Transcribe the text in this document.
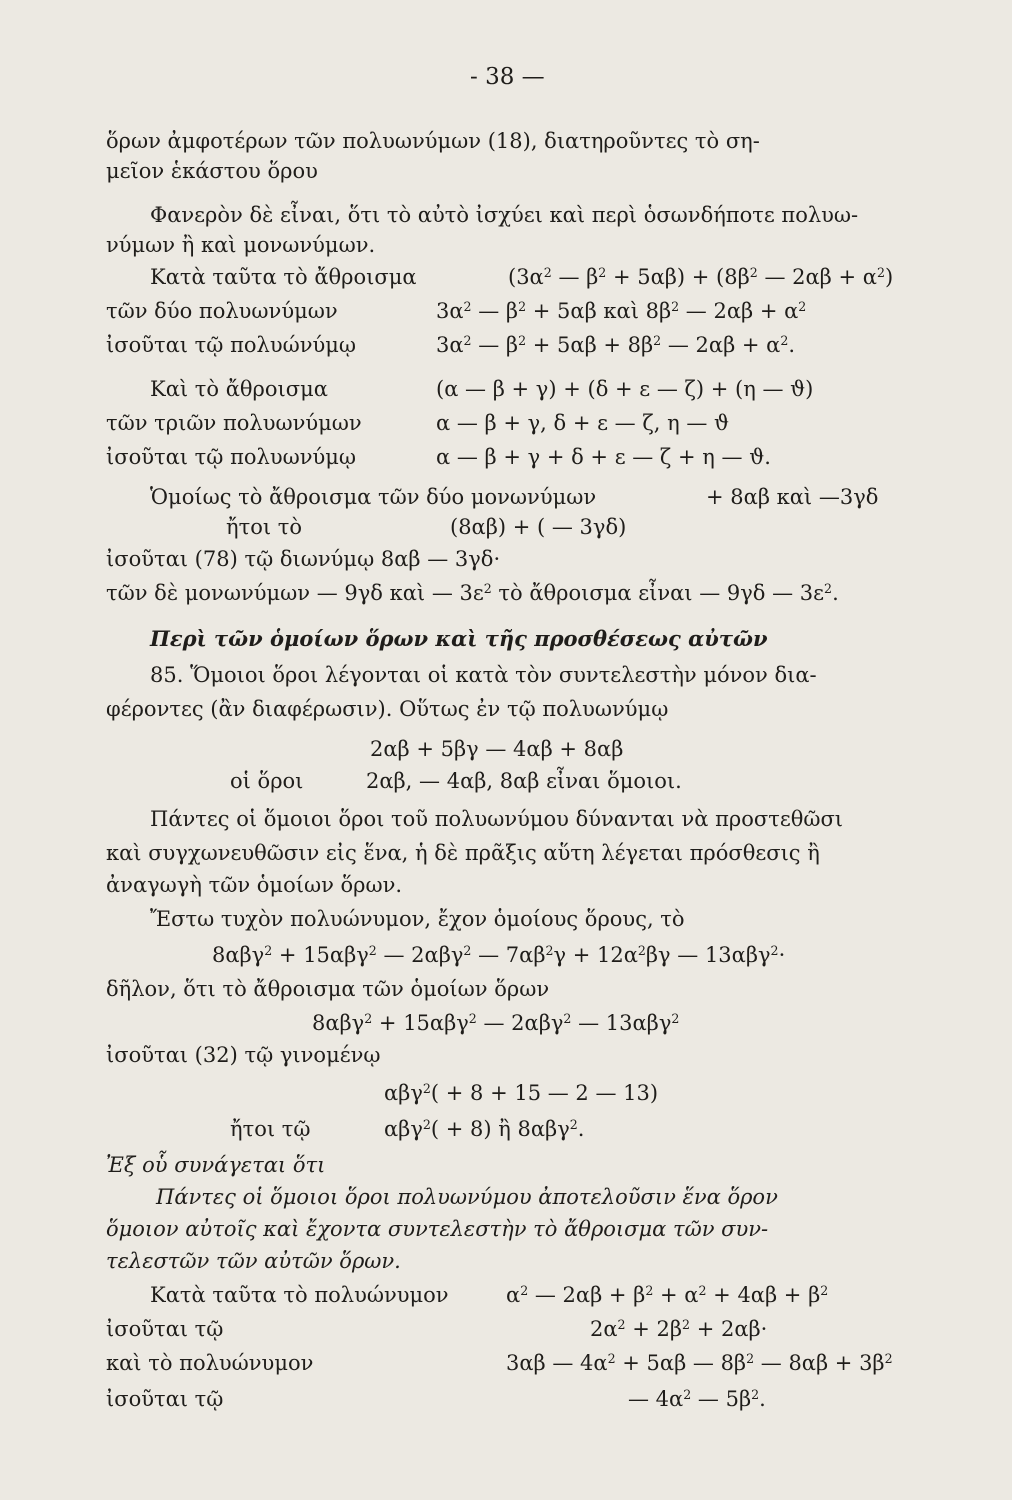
- 38 —
ὅρων ἀμφοτέρων τῶν πολυωνύμων (18), διατηροῦντες τὸ ση-
μεῖον ἑκάστου ὅρου
Φανερὸν δὲ εἶναι, ὅτι τὸ αὐτὸ ἰσχύει καὶ περὶ ὁσωνδήποτε πολυω-
νύμων ἢ καὶ μονωνύμων.
Κατὰ ταῦτα τὸ ἄθροισμα	($3\alpha^2$ — $\beta^2 + 5\alpha\beta) + (8\beta^2$ — $2\alpha\beta + \alpha^2$)
τῶν δύο πολυωνύμων	$3\alpha^2$ — $\beta^2 + 5\alpha\beta$ καὶ $8\beta^2$ — $2\alpha\beta + \alpha^2$
ἰσοῦται τῷ πολυώνύμῳ	$3\alpha^2$ — $\beta^2 + 5\alpha\beta + 8\beta^2$ — $2\alpha\beta + \alpha^2$.
Καὶ τὸ ἄθροισμα	(α — β + γ) + (δ + ε — ζ) + (η — ϑ)
τῶν τριῶν πολυωνύμων	α — β + γ, δ + ε — ζ, η — ϑ
ἰσοῦται τῷ πολυωνύμῳ	α — β + γ + δ + ε — ζ + η — ϑ.
Ὁμοίως τὸ ἄθροισμα τῶν δύο μονωνύμων	+ 8αβ καὶ —3γδ
ἤτοι τὸ	(8αβ) + ( — 3γδ)
ἰσοῦται (78) τῷ διωνύμῳ 8αβ — 3γδ·
τῶν δὲ μονωνύμων — 9γδ καὶ — $3\varepsilon^2$ τὸ ἄθροισμα εἶναι — 9γδ — $3\varepsilon^2$.
Περὶ τῶν ὁμοίων ὅρων καὶ τῆς προσθέσεως αὐτῶν
85. Ὅμοιοι ὅροι λέγονται οἱ κατὰ τὸν συντελεστὴν μόνον δια-
φέροντες (ἂν διαφέρωσιν). Οὕτως ἐν τῷ πολυωνύμῳ
2αβ + 5βγ — 4αβ + 8αβ
οἱ ὅροι	2αβ, — 4αβ, 8αβ εἶναι ὅμοιοι.
Πάντες οἱ ὅμοιοι ὅροι τοῦ πολυωνύμου δύνανται νὰ προστεθῶσι
καὶ συγχωνευθῶσιν εἰς ἕνα, ἡ δὲ πρᾶξις αὕτη λέγεται πρόσθεσις ἢ
ἀναγωγὴ τῶν ὁμοίων ὅρων.
Ἔστω τυχὸν πολυώνυμον, ἔχον ὁμοίους ὅρους, τὸ
8αβγ$^2$ + 15αβγ$^2$ — 2αβγ$^2$ — $7\alpha\beta^2\gamma + 12\alpha^2\beta\gamma$ — 13αβγ$^2$·
δῆλον, ὅτι τὸ ἄθροισμα τῶν ὁμοίων ὅρων
8αβγ$^2$ + 15αβγ$^2$ — 2αβγ$^2$ — 13αβγ$^2$
ἰσοῦται (32) τῷ γινομένῳ
αβγ$^2$( + 8 + 15 — 2 — 13)
ἤτοι τῷ	αβγ$^2$( + 8) ἢ 8αβγ$^2$.
Ἐξ οὗ συνάγεται ὅτι
Πάντες οἱ ὅμοιοι ὅροι πολυωνύμου ἀποτελοῦσιν ἕνα ὅρον
ὅμοιον αὐτοῖς καὶ ἔχοντα συντελεστὴν τὸ ἄθροισμα τῶν συν-
τελεστῶν τῶν αὐτῶν ὅρων.
Κατὰ ταῦτα τὸ πολυώνυμον	$\alpha^2$ — $2\alpha\beta + \beta^2 + \alpha^2 + 4\alpha\beta + \beta^2$
ἰσοῦται τῷ	$2\alpha^2 + 2\beta^2 + 2\alpha\beta\cdot$
καὶ τὸ πολυώνυμον	3αβ — $4\alpha^2 + 5\alpha\beta$ — $8\beta^2$ — $8\alpha\beta + 3\beta^2$
ἰσοῦται τῷ	— $4\alpha^2$ — $5\beta^2$.
